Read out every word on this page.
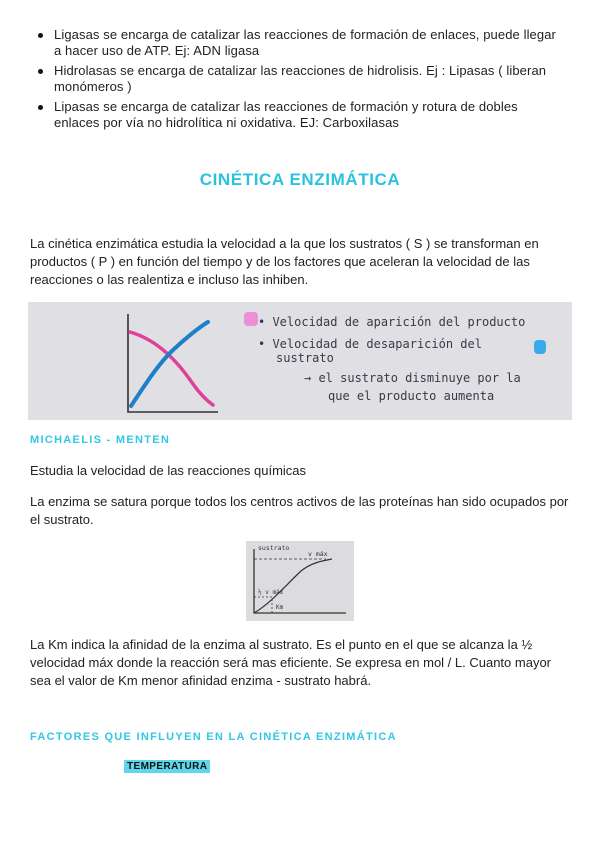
Ligasas se encarga de catalizar las reacciones de formación de enlaces, puede llegar a hacer uso de ATP. Ej: ADN ligasa
Hidrolasas se encarga de catalizar las reacciones de hidrolisis. Ej : Lipasas ( liberan monómeros )
Lipasas se encarga de catalizar las reacciones de formación y rotura de dobles enlaces por vía no hidrolítica ni oxidativa. EJ: Carboxilasas
CINÉTICA ENZIMÁTICA

La cinética enzimática estudia la velocidad a la que los sustratos ( S ) se transforman en productos ( P ) en función del tiempo y de los factores que aceleran la velocidad de las reacciones o las realentiza e incluso las inhiben.

• Velocidad de aparición del producto
• Velocidad de desaparición del
sustrato
→ el sustrato disminuye por la
que el producto aumenta
MICHAELIS - MENTEN

Estudia la velocidad de las reacciones químicas

La enzima se satura porque todos los centros activos de las proteínas han sido ocupados por el sustrato.

sustrato
v máx
½ v máx
Km

La Km indica la afinidad de la enzima al sustrato. Es el punto en el que se alcanza la ½ velocidad máx donde la reacción será mas eficiente. Se expresa en mol / L. Cuanto mayor sea el valor de Km menor afinidad enzima - sustrato habrá.

FACTORES QUE INFLUYEN EN LA CINÉTICA ENZIMÁTICA
TEMPERATURA
